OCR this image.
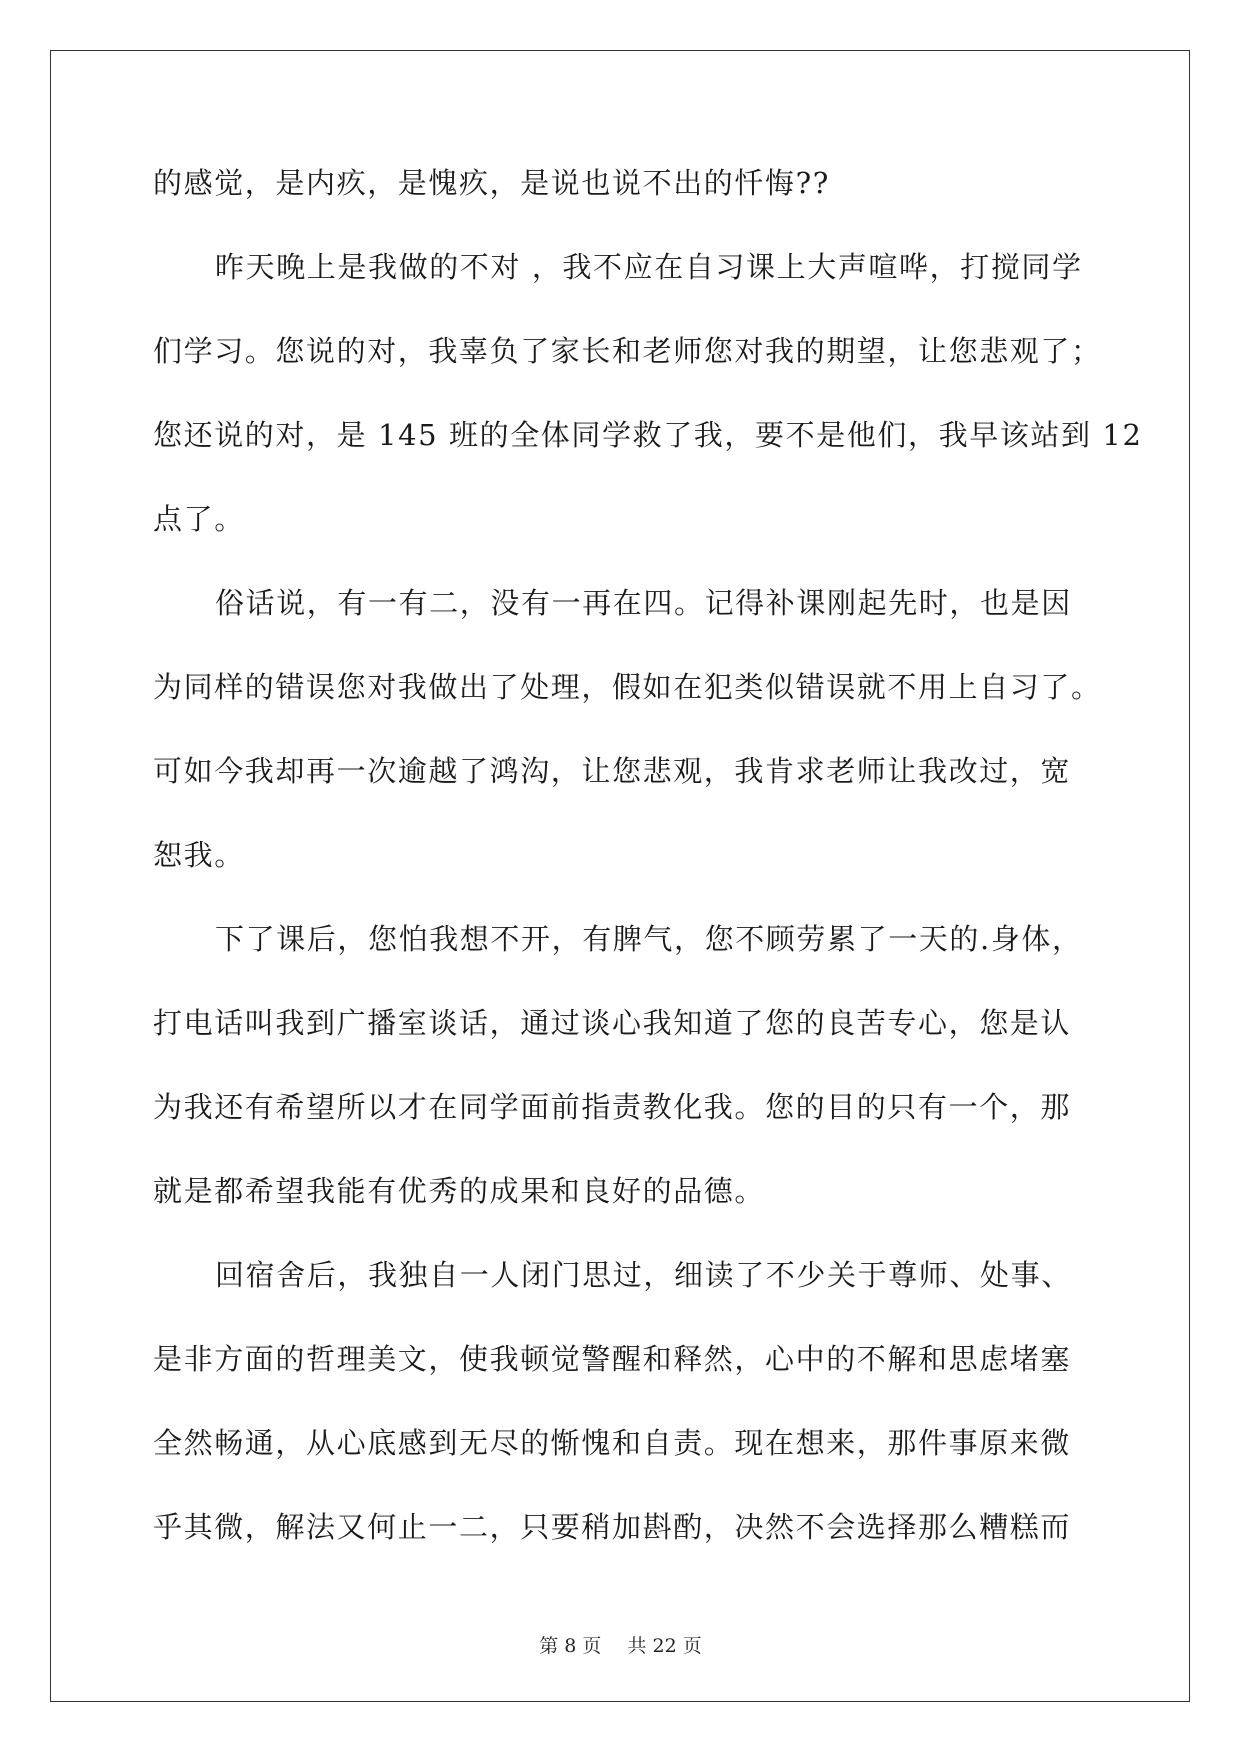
的感觉，是内疚，是愧疚，是说也说不出的忏悔??
昨天晚上是我做的不对 ，我不应在自习课上大声喧哗，打搅同学
们学习。您说的对，我辜负了家长和老师您对我的期望，让您悲观了；
您还说的对，是 145 班的全体同学救了我，要不是他们，我早该站到 12
点了。
俗话说，有一有二，没有一再在四。记得补课刚起先时，也是因
为同样的错误您对我做出了处理，假如在犯类似错误就不用上自习了。
可如今我却再一次逾越了鸿沟，让您悲观，我肯求老师让我改过，宽
恕我。
下了课后，您怕我想不开，有脾气，您不顾劳累了一天的.身体，
打电话叫我到广播室谈话，通过谈心我知道了您的良苦专心，您是认
为我还有希望所以才在同学面前指责教化我。您的目的只有一个，那
就是都希望我能有优秀的成果和良好的品德。
回宿舍后，我独自一人闭门思过，细读了不少关于尊师、处事、
是非方面的哲理美文，使我顿觉警醒和释然，心中的不解和思虑堵塞
全然畅通，从心底感到无尽的惭愧和自责。现在想来，那件事原来微
乎其微，解法又何止一二，只要稍加斟酌，决然不会选择那么糟糕而
第 8 页 共 22 页
